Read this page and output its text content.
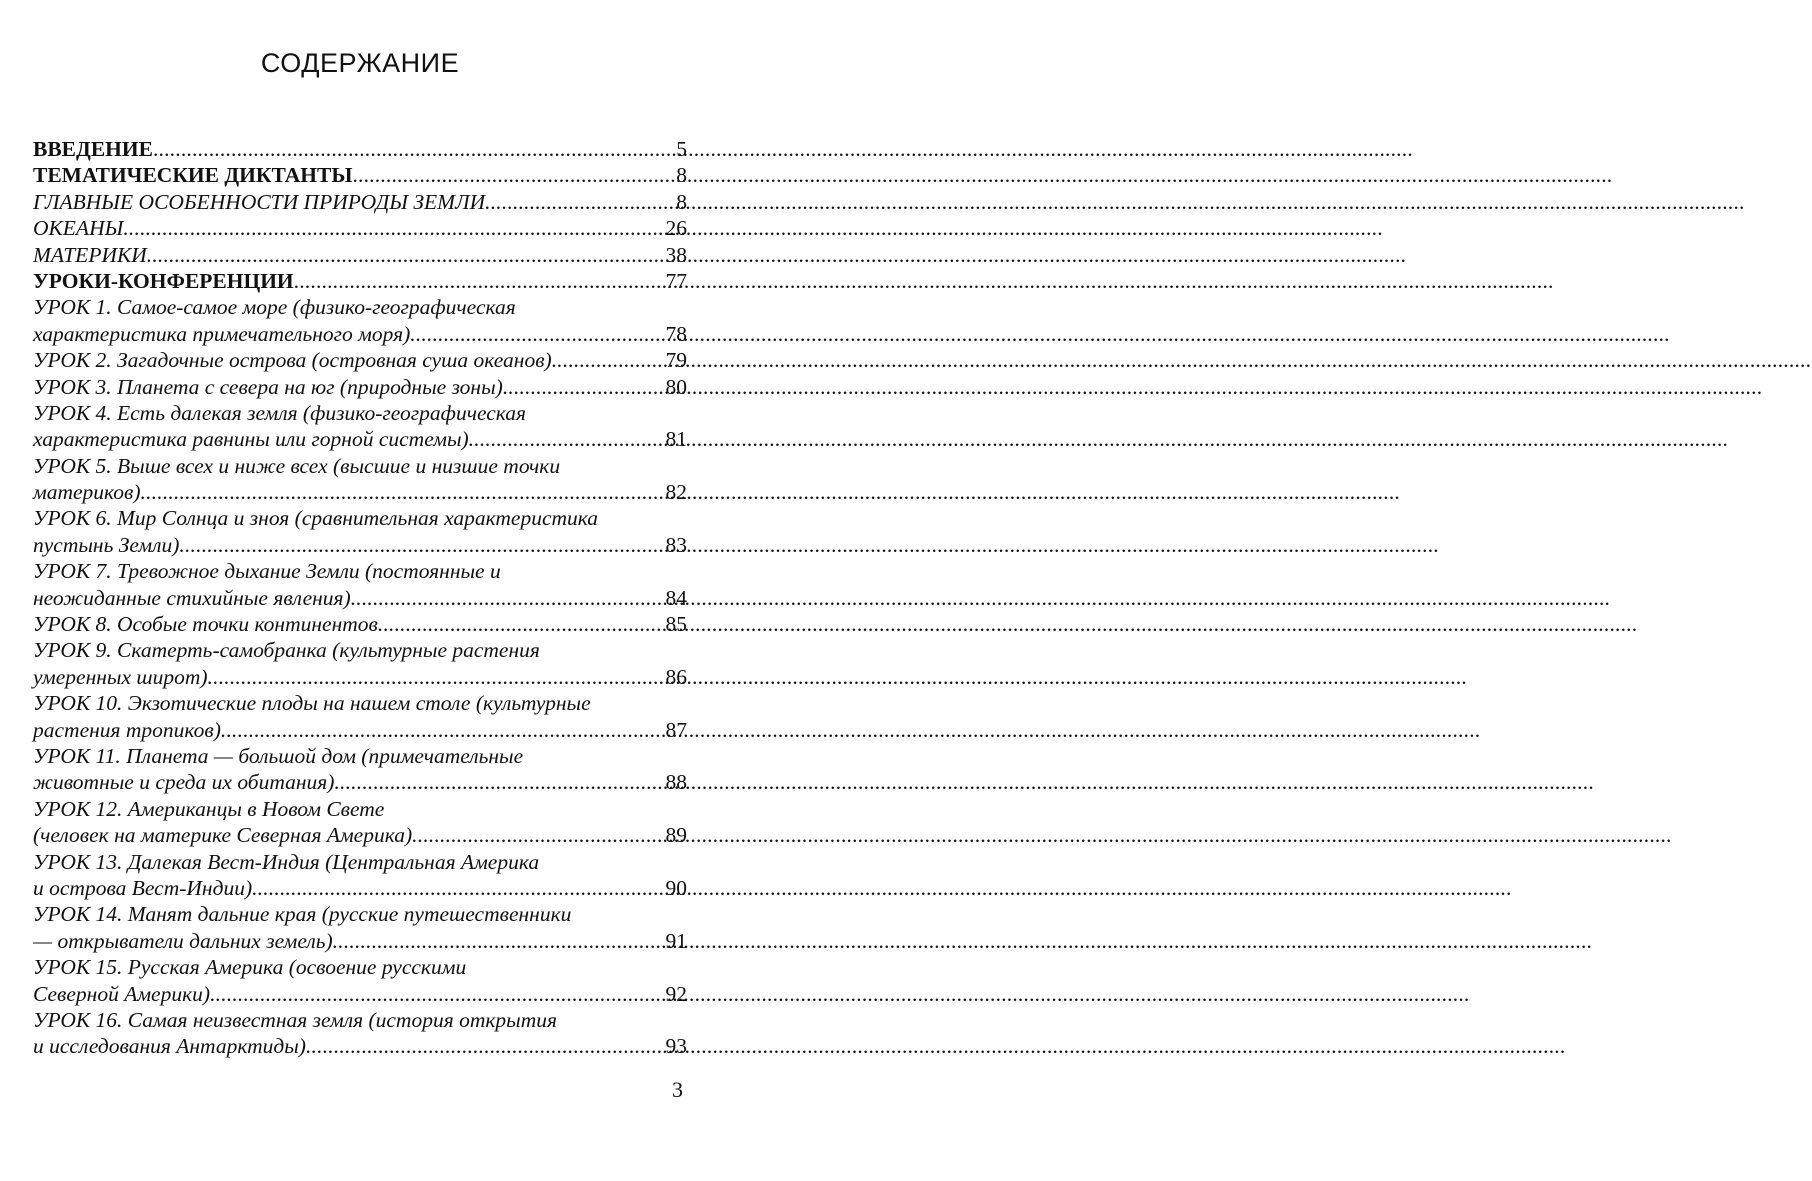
СОДЕРЖАНИЕ
ВВЕДЕНИЕ .....	5
ТЕМАТИЧЕСКИЕ ДИКТАНТЫ .....	8
ГЛАВНЫЕ ОСОБЕННОСТИ ПРИРОДЫ ЗЕМЛИ .....	8
ОКЕАНЫ .....	26
МАТЕРИКИ .....	38
УРОКИ-КОНФЕРЕНЦИИ .....	77
УРОК 1. Самое-самое море (физико-географическая
характеристика примечательного моря) .....	78
УРОК 2. Загадочные острова (островная суша океанов) .....	79
УРОК 3. Планета с севера на юг (природные зоны) .....	80
УРОК 4. Есть далекая земля (физико-географическая
характеристика равнины или горной системы) .....	81
УРОК 5. Выше всех и ниже всех (высшие и низшие точки
материков) .....	82
УРОК 6. Мир Солнца и зноя (сравнительная характеристика
пустынь Земли) .....	83
УРОК 7. Тревожное дыхание Земли (постоянные и
неожиданные стихийные явления) .....	84
УРОК 8. Особые точки континентов .....	85
УРОК 9. Скатерть-самобранка (культурные растения
умеренных широт) .....	86
УРОК 10. Экзотические плоды на нашем столе (культурные
растения тропиков) .....	87
УРОК 11. Планета — большой дом (примечательные
животные и среда их обитания) .....	88
УРОК 12. Американцы в Новом Свете
(человек на материке Северная Америка) .....	89
УРОК 13. Далекая Вест-Индия (Центральная Америка
и острова Вест-Индии) .....	90
УРОК 14. Манят дальние края (русские путешественники
— открыватели дальних земель) .....	91
УРОК 15. Русская Америка (освоение русскими
Северной Америки) .....	92
УРОК 16. Самая неизвестная земля (история открытия
и исследования Антарктиды) .....	93
3
